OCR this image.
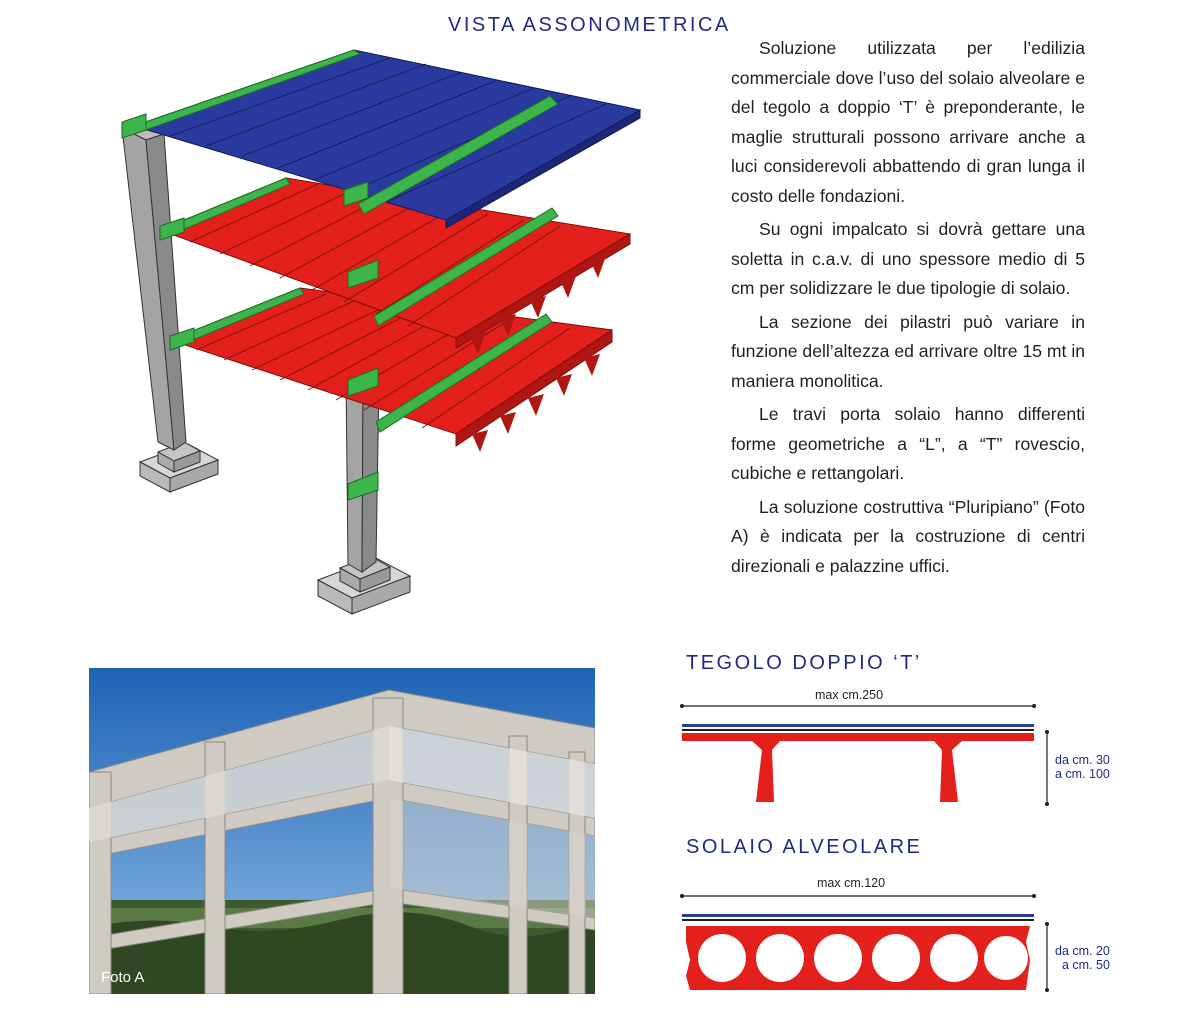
VISTA ASSONOMETRICA
TEGOLO DOPPIO ‘T’
SOLAIO ALVEOLARE

Soluzione utilizzata per l’edilizia commerciale dove l’uso del solaio alveolare e del tegolo a doppio ‘T’ è preponderante, le maglie strutturali possono arrivare anche a luci considerevoli abbattendo di gran lunga il costo delle fondazioni.

Su ogni impalcato si dovrà gettare una soletta in c.a.v. di uno spessore medio di 5 cm per solidizzare le due tipologie di solaio.

La sezione dei pilastri può variare in funzione dell’altezza ed arrivare oltre 15 mt in maniera monolitica.

Le travi porta solaio hanno differenti forme geometriche a “L”, a “T” rovescio, cubiche e rettangolari.

La soluzione costruttiva “Pluripiano” (Foto A) è indicata per la costruzione di centri direzionali e palazzine uffici.

Foto A
max cm.250
da cm. 30
a cm. 100
max cm.120
da cm. 20
a cm. 50
